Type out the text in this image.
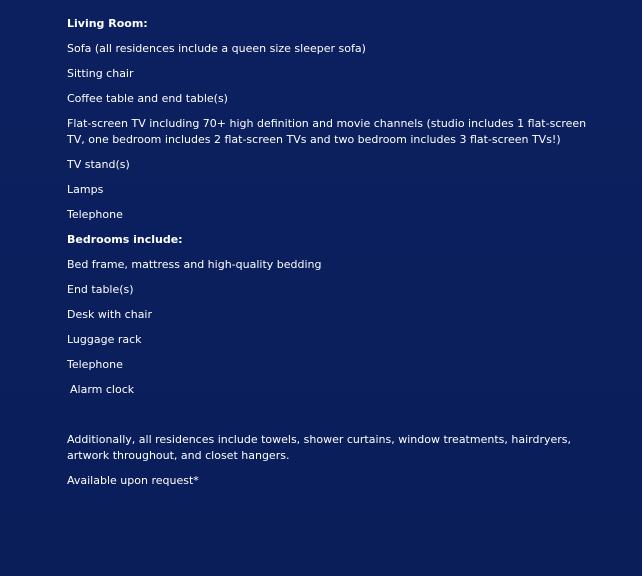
Living Room:
Sofa (all residences include a queen size sleeper sofa)
Sitting chair
Coffee table and end table(s)
Flat-screen TV including 70+ high definition and movie channels (studio includes 1 flat-screen TV, one bedroom includes 2 flat-screen TVs and two bedroom includes 3 flat-screen TVs!)
TV stand(s)
Lamps
Telephone
Bedrooms include:
Bed frame, mattress and high-quality bedding
End table(s)
Desk with chair
Luggage rack
Telephone
Alarm clock
Additionally, all residences include towels, shower curtains, window treatments, hairdryers, artwork throughout, and closet hangers.
Available upon request*
